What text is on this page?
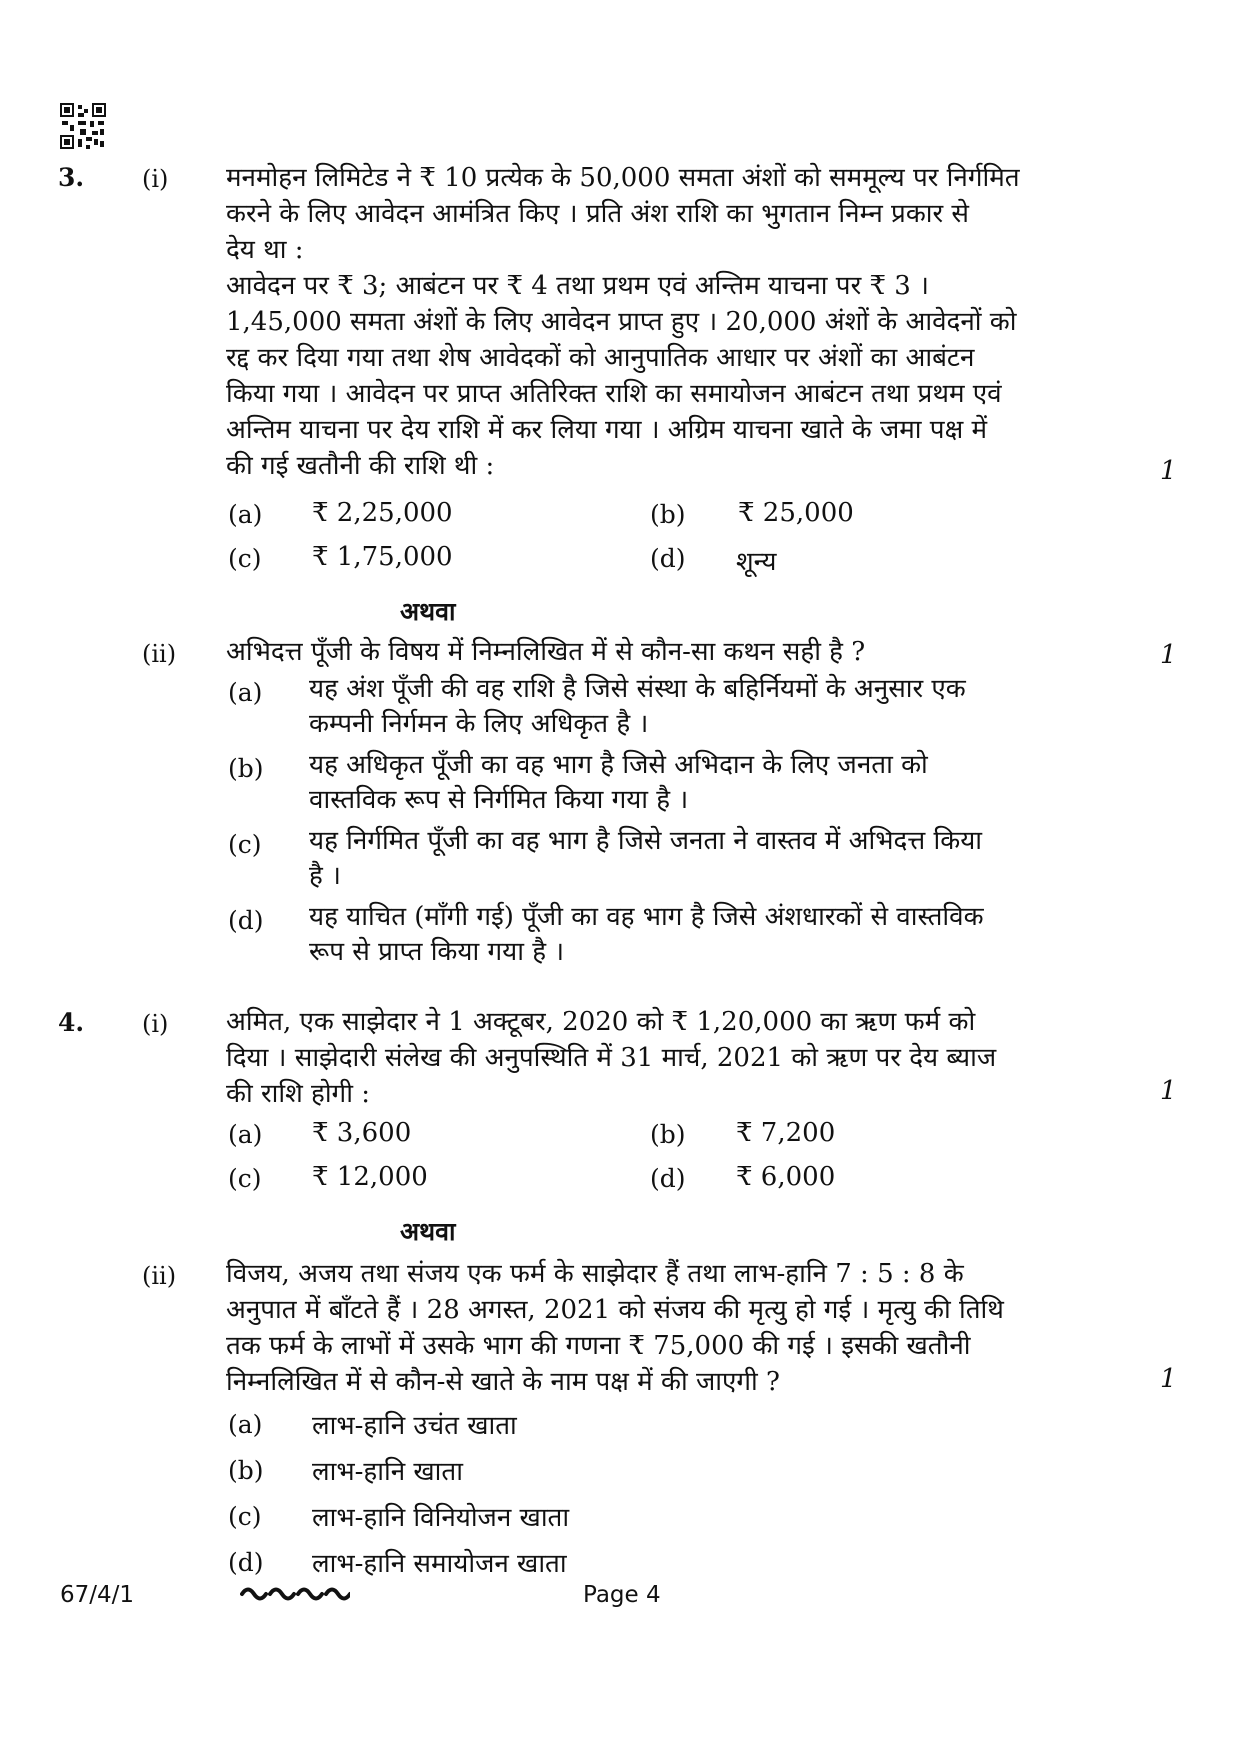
3. (i) मनमोहन लिमिटेड ने ₹ 10 प्रत्येक के 50,000 समता अंशों को सममूल्य पर निर्गमित
करने के लिए आवेदन आमंत्रित किए । प्रति अंश राशि का भुगतान निम्न प्रकार से
देय था :
आवेदन पर ₹ 3; आबंटन पर ₹ 4 तथा प्रथम एवं अन्तिम याचना पर ₹ 3 ।
1,45,000 समता अंशों के लिए आवेदन प्राप्त हुए । 20,000 अंशों के आवेदनों को
रद्द कर दिया गया तथा शेष आवेदकों को आनुपातिक आधार पर अंशों का आबंटन
किया गया । आवेदन पर प्राप्त अतिरिक्त राशि का समायोजन आबंटन तथा प्रथम एवं
अन्तिम याचना पर देय राशि में कर लिया गया । अग्रिम याचना खाते के जमा पक्ष में
की गई खतौनी की राशि थी :	1
(a) ₹ 2,25,000	(b) ₹ 25,000
(c) ₹ 1,75,000	(d) शून्य
अथवा
(ii) अभिदत्त पूँजी के विषय में निम्नलिखित में से कौन-सा कथन सही है ?	1
(a) यह अंश पूँजी की वह राशि है जिसे संस्था के बहिर्नियमों के अनुसार एक
कम्पनी निर्गमन के लिए अधिकृत है ।
(b) यह अधिकृत पूँजी का वह भाग है जिसे अभिदान के लिए जनता को
वास्तविक रूप से निर्गमित किया गया है ।
(c) यह निर्गमित पूँजी का वह भाग है जिसे जनता ने वास्तव में अभिदत्त किया
है ।
(d) यह याचित (माँगी गई) पूँजी का वह भाग है जिसे अंशधारकों से वास्तविक
रूप से प्राप्त किया गया है ।
4. (i) अमित, एक साझेदार ने 1 अक्टूबर, 2020 को ₹ 1,20,000 का ऋण फर्म को
दिया । साझेदारी संलेख की अनुपस्थिति में 31 मार्च, 2021 को ऋण पर देय ब्याज
की राशि होगी :	1
(a) ₹ 3,600	(b) ₹ 7,200
(c) ₹ 12,000	(d) ₹ 6,000
अथवा
(ii) विजय, अजय तथा संजय एक फर्म के साझेदार हैं तथा लाभ-हानि 7 : 5 : 8 के
अनुपात में बाँटते हैं । 28 अगस्त, 2021 को संजय की मृत्यु हो गई । मृत्यु की तिथि
तक फर्म के लाभों में उसके भाग की गणना ₹ 75,000 की गई । इसकी खतौनी
निम्नलिखित में से कौन-से खाते के नाम पक्ष में की जाएगी ?	1
(a) लाभ-हानि उचंत खाता
(b) लाभ-हानि खाता
(c) लाभ-हानि विनियोजन खाता
(d) लाभ-हानि समायोजन खाता
67/4/1	Page 4
